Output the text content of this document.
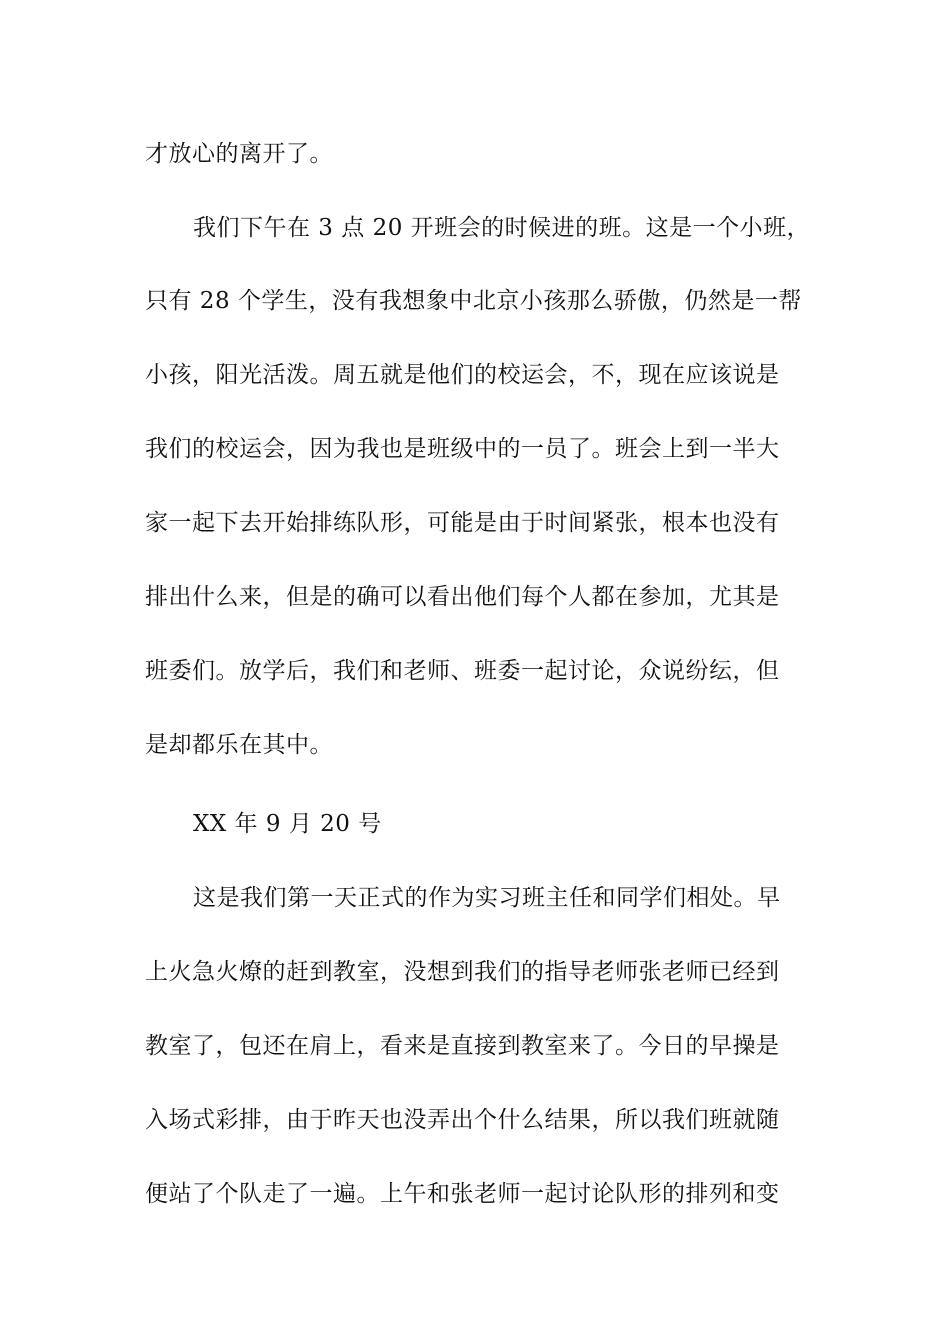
才放心的离开了。
我们下午在 3 点 20 开班会的时候进的班。这是一个小班，
只有 28 个学生，没有我想象中北京小孩那么骄傲，仍然是一帮
小孩，阳光活泼。周五就是他们的校运会，不，现在应该说是
我们的校运会，因为我也是班级中的一员了。班会上到一半大
家一起下去开始排练队形，可能是由于时间紧张，根本也没有
排出什么来，但是的确可以看出他们每个人都在参加，尤其是
班委们。放学后，我们和老师、班委一起讨论，众说纷纭，但
是却都乐在其中。
XX 年 9 月 20 号
这是我们第一天正式的作为实习班主任和同学们相处。早
上火急火燎的赶到教室，没想到我们的指导老师张老师已经到
教室了，包还在肩上，看来是直接到教室来了。今日的早操是
入场式彩排，由于昨天也没弄出个什么结果，所以我们班就随
便站了个队走了一遍。上午和张老师一起讨论队形的排列和变
